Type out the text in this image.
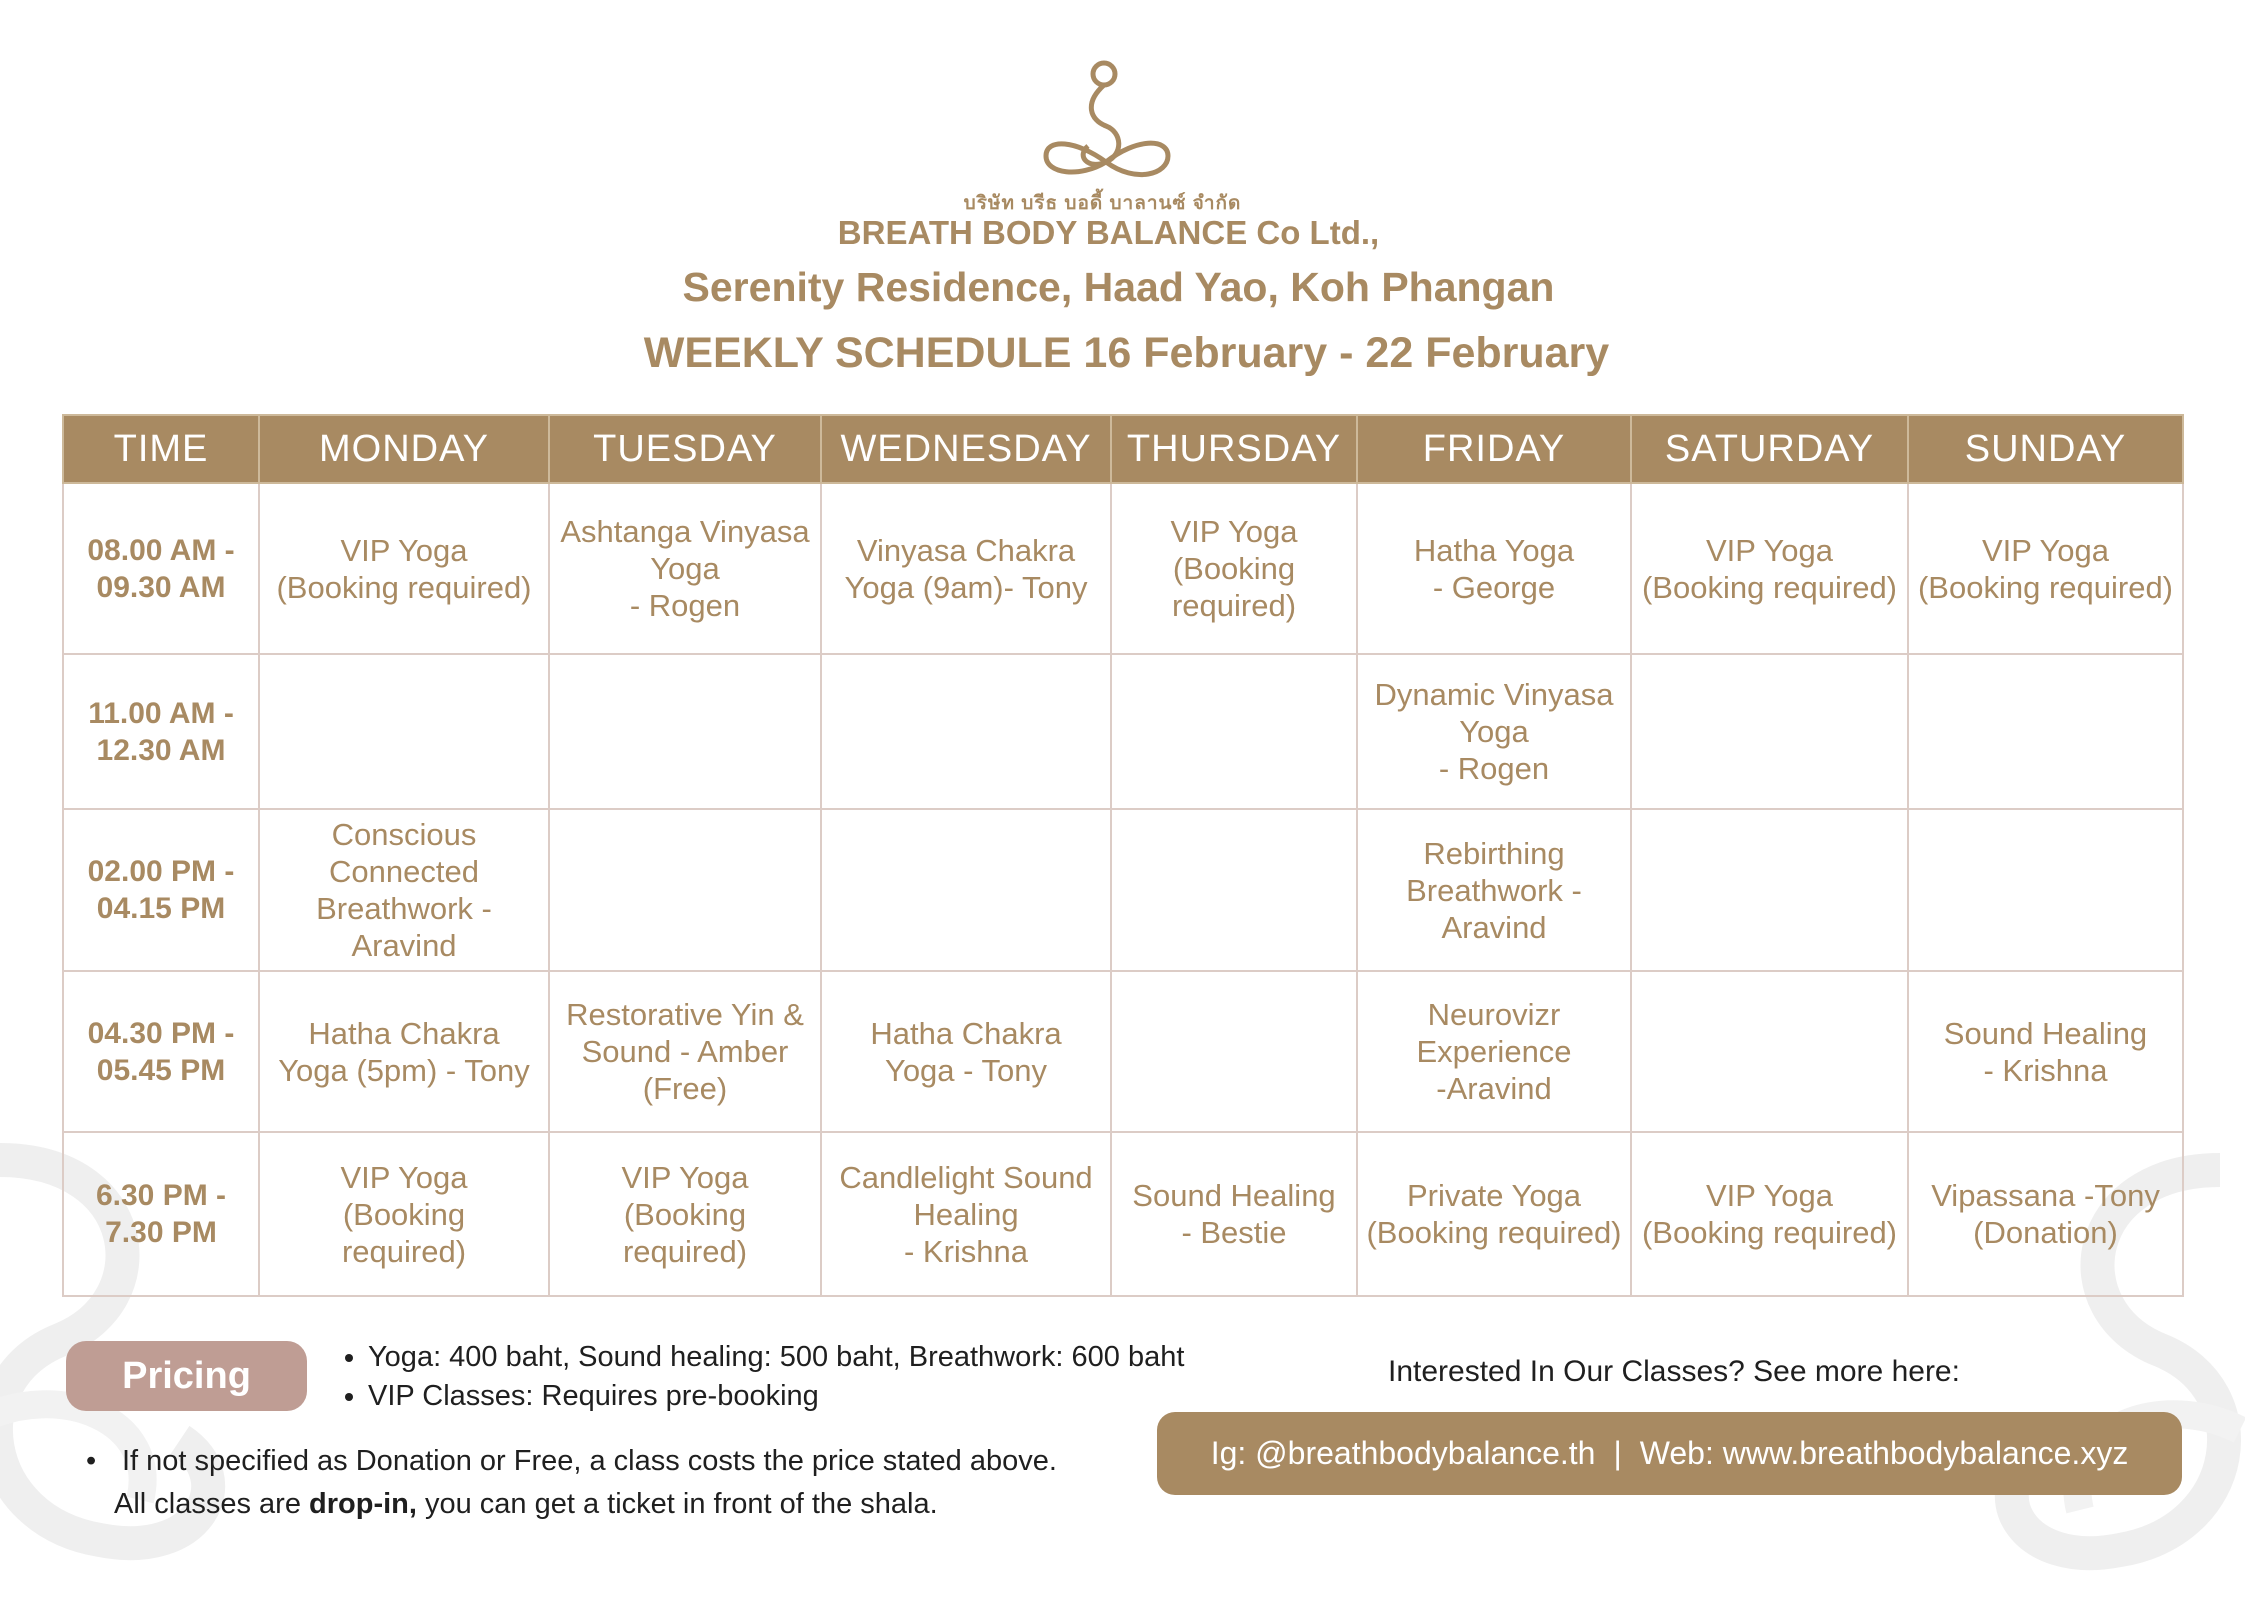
บริษัท บรีธ บอดี้ บาลานซ์ จำกัด
BREATH BODY BALANCE Co Ltd.,
Serenity Residence, Haad Yao, Koh Phangan
WEEKLY SCHEDULE 16 February - 22 February
TIME	MONDAY	TUESDAY	WEDNESDAY	THURSDAY	FRIDAY	SATURDAY	SUNDAY
08.00 AM -
09.30 AM	VIP Yoga
(Booking required)	Ashtanga Vinyasa
Yoga
- Rogen	Vinyasa Chakra
Yoga (9am)- Tony	VIP Yoga
(Booking
required)	Hatha Yoga
- George	VIP Yoga
(Booking required)	VIP Yoga
(Booking required)
11.00 AM -
12.30 AM					Dynamic Vinyasa
Yoga
- Rogen		
02.00 PM -
04.15 PM	Conscious
Connected
Breathwork -
Aravind				Rebirthing
Breathwork -
Aravind		
04.30 PM -
05.45 PM	Hatha Chakra
Yoga (5pm) - Tony	Restorative Yin &
Sound - Amber
(Free)	Hatha Chakra
Yoga - Tony		Neurovizr
Experience
-Aravind		Sound Healing
- Krishna
6.30 PM -
7.30 PM	VIP Yoga
(Booking
required)	VIP Yoga
(Booking
required)	Candlelight Sound
Healing
- Krishna	Sound Healing
- Bestie	Private Yoga
(Booking required)	VIP Yoga
(Booking required)	Vipassana -Tony
(Donation)
Pricing	• Yoga: 400 baht, Sound healing: 500 baht, Breathwork: 600 baht
• VIP Classes: Requires pre-booking
• If not specified as Donation or Free, a class costs the price stated above.
All classes are drop-in, you can get a ticket in front of the shala.
Interested In Our Classes? See more here:
Ig: @breathbodybalance.th | Web: www.breathbodybalance.xyz
